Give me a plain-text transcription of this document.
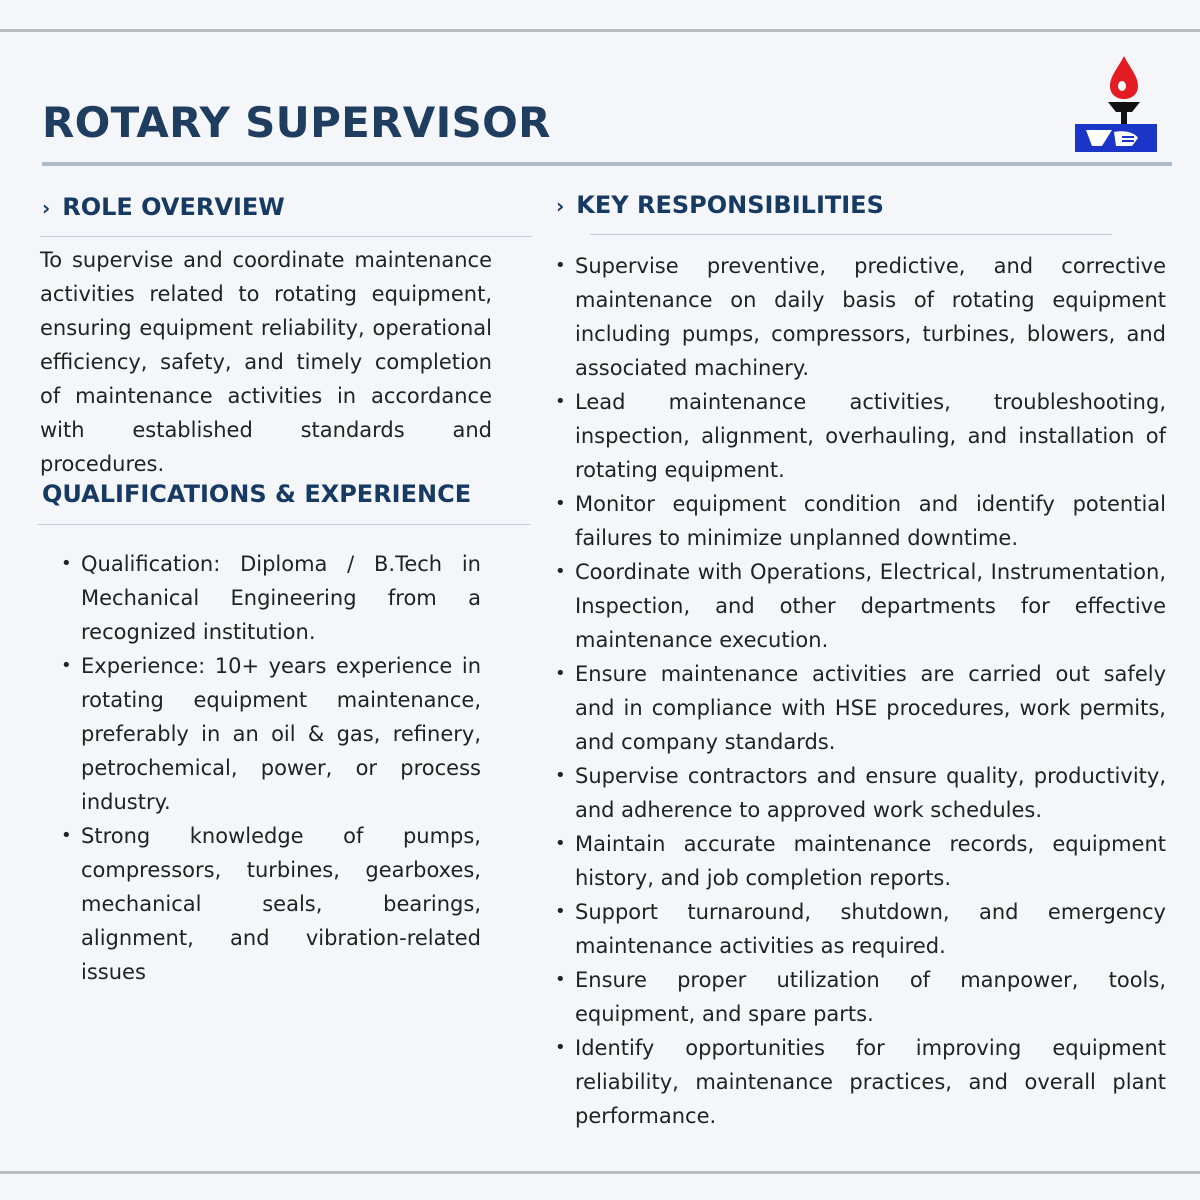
ROTARY SUPERVISOR
› ROLE OVERVIEW

To supervise and coordinate maintenance activities related to rotating equipment, ensuring equipment reliability, operational efficiency, safety, and timely completion of maintenance activities in accordance with established standards and procedures.

QUALIFICATIONS & EXPERIENCE
• Qualification: Diploma / B.Tech in Mechanical Engineering from a recognized institution.
• Experience: 10+ years experience in rotating equipment maintenance, preferably in an oil & gas, refinery, petrochemical, power, or process industry.
• Strong knowledge of pumps, compressors, turbines, gearboxes, mechanical seals, bearings, alignment, and vibration-related issues
› KEY RESPONSIBILITIES
• Supervise preventive, predictive, and corrective maintenance on daily basis of rotating equipment including pumps, compressors, turbines, blowers, and associated machinery.
• Lead maintenance activities, troubleshooting, inspection, alignment, overhauling, and installation of rotating equipment.
• Monitor equipment condition and identify potential failures to minimize unplanned downtime.
• Coordinate with Operations, Electrical, Instrumentation, Inspection, and other departments for effective maintenance execution.
• Ensure maintenance activities are carried out safely and in compliance with HSE procedures, work permits, and company standards.
• Supervise contractors and ensure quality, productivity, and adherence to approved work schedules.
• Maintain accurate maintenance records, equipment history, and job completion reports.
• Support turnaround, shutdown, and emergency maintenance activities as required.
• Ensure proper utilization of manpower, tools, equipment, and spare parts.
• Identify opportunities for improving equipment reliability, maintenance practices, and overall plant performance.
